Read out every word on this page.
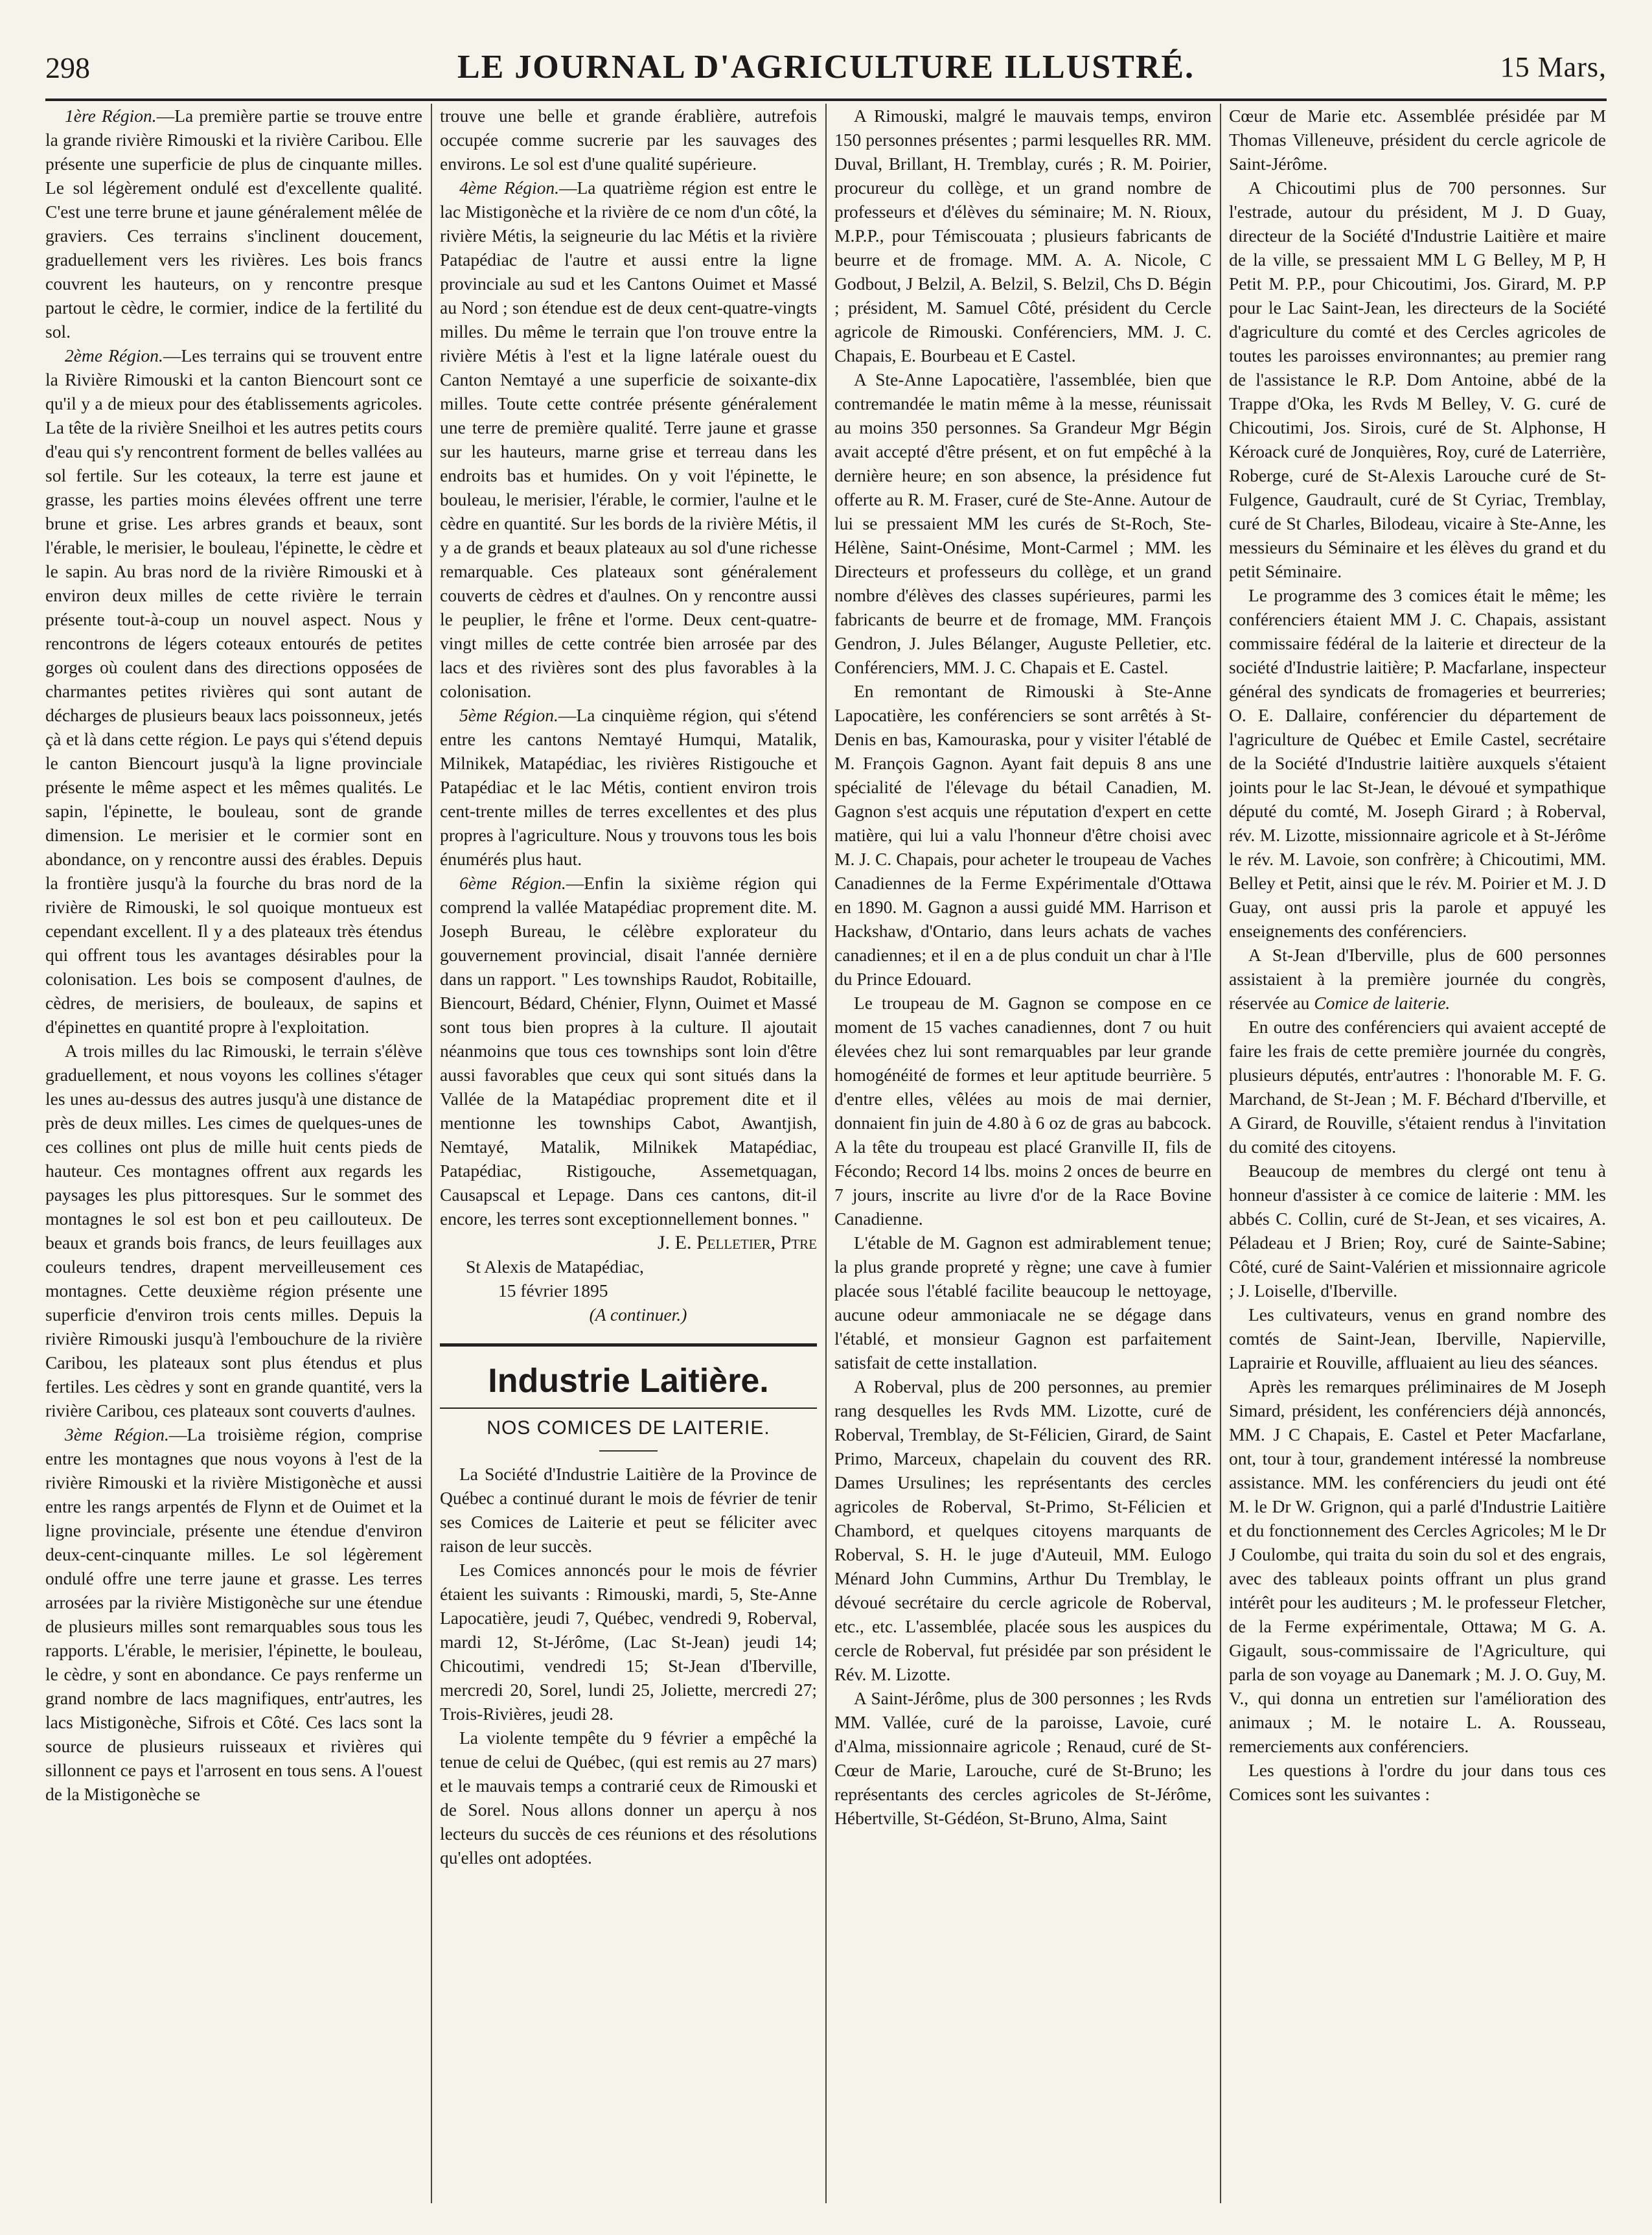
298	LE JOURNAL D'AGRICULTURE ILLUSTRÉ.	15 Mars,

1ère Région.—La première partie se trouve entre la grande rivière Rimouski et la rivière Caribou. Elle présente une superficie de plus de cinquante milles. Le sol légèrement ondulé est d'excellente qualité. C'est une terre brune et jaune généralement mêlée de graviers. Ces terrains s'inclinent doucement, graduellement vers les rivières. Les bois francs couvrent les hauteurs, on y rencontre presque partout le cèdre, le cormier, indice de la fertilité du sol.

2ème Région.—Les terrains qui se trouvent entre la Rivière Rimouski et la canton Biencourt sont ce qu'il y a de mieux pour des établissements agricoles. La tête de la rivière Sneilhoi et les autres petits cours d'eau qui s'y rencontrent forment de belles vallées au sol fertile. Sur les coteaux, la terre est jaune et grasse, les parties moins élevées offrent une terre brune et grise. Les arbres grands et beaux, sont l'érable, le merisier, le bouleau, l'épinette, le cèdre et le sapin. Au bras nord de la rivière Rimouski et à environ deux milles de cette rivière le terrain présente tout-à-coup un nouvel aspect. Nous y rencontrons de légers coteaux entourés de petites gorges où coulent dans des directions opposées de charmantes petites rivières qui sont autant de décharges de plusieurs beaux lacs poissonneux, jetés çà et là dans cette région. Le pays qui s'étend depuis le canton Biencourt jusqu'à la ligne provinciale présente le même aspect et les mêmes qualités. Le sapin, l'épinette, le bouleau, sont de grande dimension. Le merisier et le cormier sont en abondance, on y rencontre aussi des érables. Depuis la frontière jusqu'à la fourche du bras nord de la rivière de Rimouski, le sol quoique montueux est cependant excellent. Il y a des plateaux très étendus qui offrent tous les avantages désirables pour la colonisation. Les bois se composent d'aulnes, de cèdres, de merisiers, de bouleaux, de sapins et d'épinettes en quantité propre à l'exploitation.

A trois milles du lac Rimouski, le terrain s'élève graduellement, et nous voyons les collines s'étager les unes au-dessus des autres jusqu'à une distance de près de deux milles. Les cimes de quelques-unes de ces collines ont plus de mille huit cents pieds de hauteur. Ces montagnes offrent aux regards les paysages les plus pittoresques. Sur le sommet des montagnes le sol est bon et peu caillouteux. De beaux et grands bois francs, de leurs feuillages aux couleurs tendres, drapent merveilleusement ces montagnes. Cette deuxième région présente une superficie d'environ trois cents milles. Depuis la rivière Rimouski jusqu'à l'embouchure de la rivière Caribou, les plateaux sont plus étendus et plus fertiles. Les cèdres y sont en grande quantité, vers la rivière Caribou, ces plateaux sont couverts d'aulnes.

3ème Région.—La troisième région, comprise entre les montagnes que nous voyons à l'est de la rivière Rimouski et la rivière Mistigonèche et aussi entre les rangs arpentés de Flynn et de Ouimet et la ligne provinciale, présente une étendue d'environ deux-cent-cinquante milles. Le sol légèrement ondulé offre une terre jaune et grasse. Les terres arrosées par la rivière Mistigonèche sur une étendue de plusieurs milles sont remarquables sous tous les rapports. L'érable, le merisier, l'épinette, le bouleau, le cèdre, y sont en abondance. Ce pays renferme un grand nombre de lacs magnifiques, entr'autres, les lacs Mistigonèche, Sifrois et Côté. Ces lacs sont la source de plusieurs ruisseaux et rivières qui sillonnent ce pays et l'arrosent en tous sens. A l'ouest de la Mistigonèche se

trouve une belle et grande érablière, autrefois occupée comme sucrerie par les sauvages des environs. Le sol est d'une qualité supérieure.

4ème Région.—La quatrième région est entre le lac Mistigonèche et la rivière de ce nom d'un côté, la rivière Métis, la seigneurie du lac Métis et la rivière Patapédiac de l'autre et aussi entre la ligne provinciale au sud et les Cantons Ouimet et Massé au Nord ; son étendue est de deux cent-quatre-vingts milles. Du même le terrain que l'on trouve entre la rivière Métis à l'est et la ligne latérale ouest du Canton Nemtayé a une superficie de soixante-dix milles. Toute cette contrée présente généralement une terre de première qualité. Terre jaune et grasse sur les hauteurs, marne grise et terreau dans les endroits bas et humides. On y voit l'épinette, le bouleau, le merisier, l'érable, le cormier, l'aulne et le cèdre en quantité. Sur les bords de la rivière Métis, il y a de grands et beaux plateaux au sol d'une richesse remarquable. Ces plateaux sont généralement couverts de cèdres et d'aulnes. On y rencontre aussi le peuplier, le frêne et l'orme. Deux cent-quatre-vingt milles de cette contrée bien arrosée par des lacs et des rivières sont des plus favorables à la colonisation.

5ème Région.—La cinquième région, qui s'étend entre les cantons Nemtayé Humqui, Matalik, Milnikek, Matapédiac, les rivières Ristigouche et Patapédiac et le lac Métis, contient environ trois cent-trente milles de terres excellentes et des plus propres à l'agriculture. Nous y trouvons tous les bois énumérés plus haut.

6ème Région.—Enfin la sixième région qui comprend la vallée Matapédiac proprement dite. M. Joseph Bureau, le célèbre explorateur du gouvernement provincial, disait l'année dernière dans un rapport. " Les townships Raudot, Robitaille, Biencourt, Bédard, Chénier, Flynn, Ouimet et Massé sont tous bien propres à la culture. Il ajoutait néanmoins que tous ces townships sont loin d'être aussi favorables que ceux qui sont situés dans la Vallée de la Matapédiac proprement dite et il mentionne les townships Cabot, Awantjish, Nemtayé, Matalik, Milnikek Matapédiac, Patapédiac, Ristigouche, Assemetquagan, Causapscal et Lepage. Dans ces cantons, dit-il encore, les terres sont exceptionnellement bonnes. "

J. E. Pelletier, Ptre

St Alexis de Matapédiac,

15 février 1895

(A continuer.)

Industrie Laitière.
NOS COMICES DE LAITERIE.

La Société d'Industrie Laitière de la Province de Québec a continué durant le mois de février de tenir ses Comices de Laiterie et peut se féliciter avec raison de leur succès.

Les Comices annoncés pour le mois de février étaient les suivants : Rimouski, mardi, 5, Ste-Anne Lapocatière, jeudi 7, Québec, vendredi 9, Roberval, mardi 12, St-Jérôme, (Lac St-Jean) jeudi 14; Chicoutimi, vendredi 15; St-Jean d'Iberville, mercredi 20, Sorel, lundi 25, Joliette, mercredi 27; Trois-Rivières, jeudi 28.

La violente tempête du 9 février a empêché la tenue de celui de Québec, (qui est remis au 27 mars) et le mauvais temps a contrarié ceux de Rimouski et de Sorel. Nous allons donner un aperçu à nos lecteurs du succès de ces réunions et des résolutions qu'elles ont adoptées.

A Rimouski, malgré le mauvais temps, environ 150 personnes présentes ; parmi lesquelles RR. MM. Duval, Brillant, H. Tremblay, curés ; R. M. Poirier, procureur du collège, et un grand nombre de professeurs et d'élèves du séminaire; M. N. Rioux, M.P.P., pour Témiscouata ; plusieurs fabricants de beurre et de fromage. MM. A. A. Nicole, C Godbout, J Belzil, A. Belzil, S. Belzil, Chs D. Bégin ; président, M. Samuel Côté, président du Cercle agricole de Rimouski. Conférenciers, MM. J. C. Chapais, E. Bourbeau et E Castel.

A Ste-Anne Lapocatière, l'assemblée, bien que contremandée le matin même à la messe, réunissait au moins 350 personnes. Sa Grandeur Mgr Bégin avait accepté d'être présent, et on fut empêché à la dernière heure; en son absence, la présidence fut offerte au R. M. Fraser, curé de Ste-Anne. Autour de lui se pressaient MM les curés de St-Roch, Ste-Hélène, Saint-Onésime, Mont-Carmel ; MM. les Directeurs et professeurs du collège, et un grand nombre d'élèves des classes supérieures, parmi les fabricants de beurre et de fromage, MM. François Gendron, J. Jules Bélanger, Auguste Pelletier, etc. Conférenciers, MM. J. C. Chapais et E. Castel.

En remontant de Rimouski à Ste-Anne Lapocatière, les conférenciers se sont arrêtés à St-Denis en bas, Kamouraska, pour y visiter l'établé de M. François Gagnon. Ayant fait depuis 8 ans une spécialité de l'élevage du bétail Canadien, M. Gagnon s'est acquis une réputation d'expert en cette matière, qui lui a valu l'honneur d'être choisi avec M. J. C. Chapais, pour acheter le troupeau de Vaches Canadiennes de la Ferme Expérimentale d'Ottawa en 1890. M. Gagnon a aussi guidé MM. Harrison et Hackshaw, d'Ontario, dans leurs achats de vaches canadiennes; et il en a de plus conduit un char à l'Ile du Prince Edouard.

Le troupeau de M. Gagnon se compose en ce moment de 15 vaches canadiennes, dont 7 ou huit élevées chez lui sont remarquables par leur grande homogénéité de formes et leur aptitude beurrière. 5 d'entre elles, vêlées au mois de mai dernier, donnaient fin juin de 4.80 à 6 oz de gras au babcock. A la tête du troupeau est placé Granville II, fils de Fécondo; Record 14 lbs. moins 2 onces de beurre en 7 jours, inscrite au livre d'or de la Race Bovine Canadienne.

L'étable de M. Gagnon est admirablement tenue; la plus grande propreté y règne; une cave à fumier placée sous l'établé facilite beaucoup le nettoyage, aucune odeur ammoniacale ne se dégage dans l'établé, et monsieur Gagnon est parfaitement satisfait de cette installation.

A Roberval, plus de 200 personnes, au premier rang desquelles les Rvds MM. Lizotte, curé de Roberval, Tremblay, de St-Félicien, Girard, de Saint Primo, Marceux, chapelain du couvent des RR. Dames Ursulines; les représentants des cercles agricoles de Roberval, St-Primo, St-Félicien et Chambord, et quelques citoyens marquants de Roberval, S. H. le juge d'Auteuil, MM. Eulogo Ménard John Cummins, Arthur Du Tremblay, le dévoué secrétaire du cercle agricole de Roberval, etc., etc. L'assemblée, placée sous les auspices du cercle de Roberval, fut présidée par son président le Rév. M. Lizotte.

A Saint-Jérôme, plus de 300 personnes ; les Rvds MM. Vallée, curé de la paroisse, Lavoie, curé d'Alma, missionnaire agricole ; Renaud, curé de St-Cœur de Marie, Larouche, curé de St-Bruno; les représentants des cercles agricoles de St-Jérôme, Hébertville, St-Gédéon, St-Bruno, Alma, Saint

Cœur de Marie etc. Assemblée présidée par M Thomas Villeneuve, président du cercle agricole de Saint-Jérôme.

A Chicoutimi plus de 700 personnes. Sur l'estrade, autour du président, M J. D Guay, directeur de la Société d'Industrie Laitière et maire de la ville, se pressaient MM L G Belley, M P, H Petit M. P.P., pour Chicoutimi, Jos. Girard, M. P.P pour le Lac Saint-Jean, les directeurs de la Société d'agriculture du comté et des Cercles agricoles de toutes les paroisses environnantes; au premier rang de l'assistance le R.P. Dom Antoine, abbé de la Trappe d'Oka, les Rvds M Belley, V. G. curé de Chicoutimi, Jos. Sirois, curé de St. Alphonse, H Kéroack curé de Jonquières, Roy, curé de Laterrière, Roberge, curé de St-Alexis Larouche curé de St-Fulgence, Gaudrault, curé de St Cyriac, Tremblay, curé de St Charles, Bilodeau, vicaire à Ste-Anne, les messieurs du Séminaire et les élèves du grand et du petit Séminaire.

Le programme des 3 comices était le même; les conférenciers étaient MM J. C. Chapais, assistant commissaire fédéral de la laiterie et directeur de la société d'Industrie laitière; P. Macfarlane, inspecteur général des syndicats de fromageries et beurreries; O. E. Dallaire, conférencier du département de l'agriculture de Québec et Emile Castel, secrétaire de la Société d'Industrie laitière auxquels s'étaient joints pour le lac St-Jean, le dévoué et sympathique député du comté, M. Joseph Girard ; à Roberval, rév. M. Lizotte, missionnaire agricole et à St-Jérôme le rév. M. Lavoie, son confrère; à Chicoutimi, MM. Belley et Petit, ainsi que le rév. M. Poirier et M. J. D Guay, ont aussi pris la parole et appuyé les enseignements des conférenciers.

A St-Jean d'Iberville, plus de 600 personnes assistaient à la première journée du congrès, réservée au Comice de laiterie.

En outre des conférenciers qui avaient accepté de faire les frais de cette première journée du congrès, plusieurs députés, entr'autres : l'honorable M. F. G. Marchand, de St-Jean ; M. F. Béchard d'Iberville, et A Girard, de Rouville, s'étaient rendus à l'invitation du comité des citoyens.

Beaucoup de membres du clergé ont tenu à honneur d'assister à ce comice de laiterie : MM. les abbés C. Collin, curé de St-Jean, et ses vicaires, A. Péladeau et J Brien; Roy, curé de Sainte-Sabine; Côté, curé de Saint-Valérien et missionnaire agricole ; J. Loiselle, d'Iberville.

Les cultivateurs, venus en grand nombre des comtés de Saint-Jean, Iberville, Napierville, Laprairie et Rouville, affluaient au lieu des séances.

Après les remarques préliminaires de M Joseph Simard, président, les conférenciers déjà annoncés, MM. J C Chapais, E. Castel et Peter Macfarlane, ont, tour à tour, grandement intéressé la nombreuse assistance. MM. les conférenciers du jeudi ont été M. le Dr W. Grignon, qui a parlé d'Industrie Laitière et du fonctionnement des Cercles Agricoles; M le Dr J Coulombe, qui traita du soin du sol et des engrais, avec des tableaux points offrant un plus grand intérêt pour les auditeurs ; M. le professeur Fletcher, de la Ferme expérimentale, Ottawa; M G. A. Gigault, sous-commissaire de l'Agriculture, qui parla de son voyage au Danemark ; M. J. O. Guy, M. V., qui donna un entretien sur l'amélioration des animaux ; M. le notaire L. A. Rousseau, remerciements aux conférenciers.

Les questions à l'ordre du jour dans tous ces Comices sont les suivantes :
